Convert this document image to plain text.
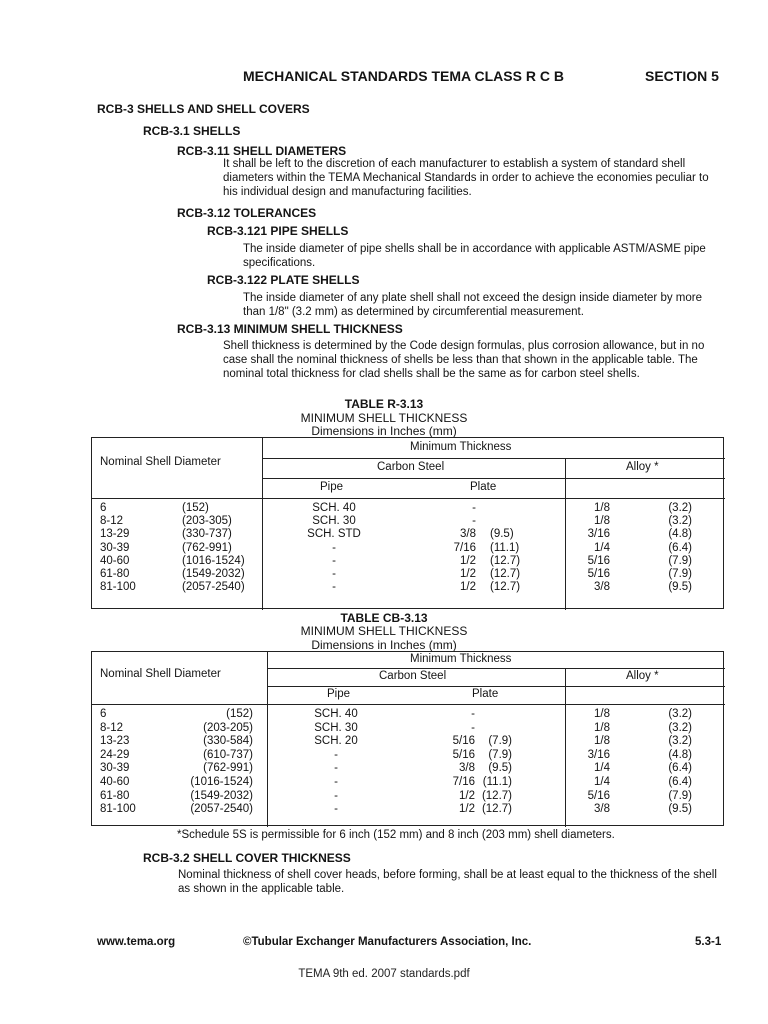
MECHANICAL STANDARDS TEMA CLASS R C B	SECTION 5
RCB-3 SHELLS AND SHELL COVERS
RCB-3.1 SHELLS
RCB-3.11 SHELL DIAMETERS
It shall be left to the discretion of each manufacturer to establish a system of standard shell diameters within the TEMA Mechanical Standards in order to achieve the economies peculiar to his individual design and manufacturing facilities.
RCB-3.12 TOLERANCES
RCB-3.121 PIPE SHELLS
The inside diameter of pipe shells shall be in accordance with applicable ASTM/ASME pipe specifications.
RCB-3.122 PLATE SHELLS
The inside diameter of any plate shell shall not exceed the design inside diameter by more than 1/8" (3.2 mm) as determined by circumferential measurement.
RCB-3.13 MINIMUM SHELL THICKNESS
Shell thickness is determined by the Code design formulas, plus corrosion allowance, but in no case shall the nominal thickness of shells be less than that shown in the applicable table. The nominal total thickness for clad shells shall be the same as for carbon steel shells.
TABLE R-3.13
MINIMUM SHELL THICKNESS
Dimensions in Inches (mm)
Nominal Shell Diameter
Minimum Thickness
Carbon Steel	Alloy *
Pipe	Plate
6	(152)	SCH. 40	-	1/8	(3.2)
8-12	(203-305)	SCH. 30	-	1/8	(3.2)
13-29	(330-737)	SCH. STD	3/8 (9.5)	3/16	(4.8)
30-39	(762-991)	-	7/16 (11.1)	1/4	(6.4)
40-60	(1016-1524)	-	1/2 (12.7)	5/16	(7.9)
61-80	(1549-2032)	-	1/2 (12.7)	5/16	(7.9)
81-100	(2057-2540)	-	1/2 (12.7)	3/8	(9.5)
TABLE CB-3.13
MINIMUM SHELL THICKNESS
Dimensions in Inches (mm)
Nominal Shell Diameter
Minimum Thickness
Carbon Steel	Alloy *
Pipe	Plate
6	(152)	SCH. 40	-	1/8	(3.2)
8-12	(203-205)	SCH. 30	-	1/8	(3.2)
13-23	(330-584)	SCH. 20	5/16 (7.9)	1/8	(3.2)
24-29	(610-737)	-	5/16 (7.9)	3/16	(4.8)
30-39	(762-991)	-	3/8 (9.5)	1/4	(6.4)
40-60	(1016-1524)	-	7/16 (11.1)	1/4	(6.4)
61-80	(1549-2032)	-	1/2 (12.7)	5/16	(7.9)
81-100	(2057-2540)	-	1/2 (12.7)	3/8	(9.5)
*Schedule 5S is permissible for 6 inch (152 mm) and 8 inch (203 mm) shell diameters.
RCB-3.2 SHELL COVER THICKNESS
Nominal thickness of shell cover heads, before forming, shall be at least equal to the thickness of the shell as shown in the applicable table.
www.tema.org	©Tubular Exchanger Manufacturers Association, Inc.	5.3-1
TEMA 9th ed. 2007 standards.pdf
